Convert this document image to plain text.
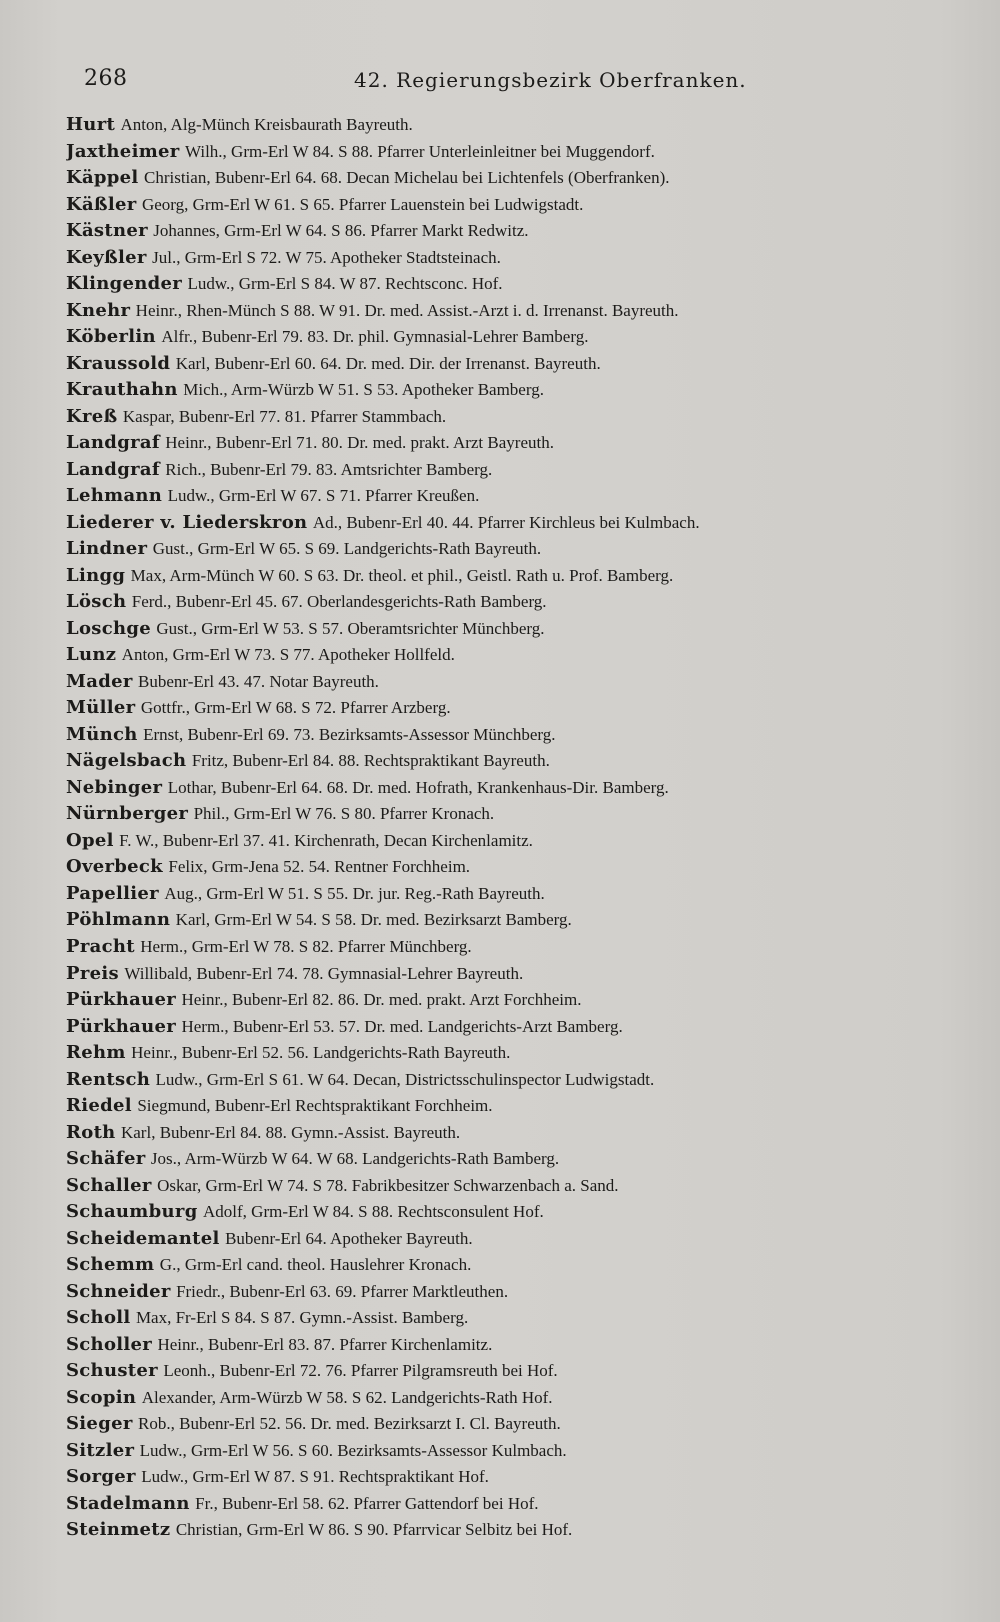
268	42. Regierungsbezirk Oberfranken.
Hurt Anton, Alg-Münch Kreisbaurath Bayreuth.
Jaxtheimer Wilh., Grm-Erl W 84. S 88. Pfarrer Unterleinleitner bei Muggendorf.
Käppel Christian, Bubenr-Erl 64. 68. Decan Michelau bei Lichtenfels (Oberfranken).
Käßler Georg, Grm-Erl W 61. S 65. Pfarrer Lauenstein bei Ludwigstadt.
Kästner Johannes, Grm-Erl W 64. S 86. Pfarrer Markt Redwitz.
Keyßler Jul., Grm-Erl S 72. W 75. Apotheker Stadtsteinach.
Klingender Ludw., Grm-Erl S 84. W 87. Rechtsconc. Hof.
Knehr Heinr., Rhen-Münch S 88. W 91. Dr. med. Assist.-Arzt i. d. Irrenanst. Bayreuth.
Köberlin Alfr., Bubenr-Erl 79. 83. Dr. phil. Gymnasial-Lehrer Bamberg.
Kraussold Karl, Bubenr-Erl 60. 64. Dr. med. Dir. der Irrenanst. Bayreuth.
Krauthahn Mich., Arm-Würzb W 51. S 53. Apotheker Bamberg.
Kreß Kaspar, Bubenr-Erl 77. 81. Pfarrer Stammbach.
Landgraf Heinr., Bubenr-Erl 71. 80. Dr. med. prakt. Arzt Bayreuth.
Landgraf Rich., Bubenr-Erl 79. 83. Amtsrichter Bamberg.
Lehmann Ludw., Grm-Erl W 67. S 71. Pfarrer Kreußen.
Liederer v. Liederskron Ad., Bubenr-Erl 40. 44. Pfarrer Kirchleus bei Kulmbach.
Lindner Gust., Grm-Erl W 65. S 69. Landgerichts-Rath Bayreuth.
Lingg Max, Arm-Münch W 60. S 63. Dr. theol. et phil., Geistl. Rath u. Prof. Bamberg.
Lösch Ferd., Bubenr-Erl 45. 67. Oberlandesgerichts-Rath Bamberg.
Loschge Gust., Grm-Erl W 53. S 57. Oberamtsrichter Münchberg.
Lunz Anton, Grm-Erl W 73. S 77. Apotheker Hollfeld.
Mader Bubenr-Erl 43. 47. Notar Bayreuth.
Müller Gottfr., Grm-Erl W 68. S 72. Pfarrer Arzberg.
Münch Ernst, Bubenr-Erl 69. 73. Bezirksamts-Assessor Münchberg.
Nägelsbach Fritz, Bubenr-Erl 84. 88. Rechtspraktikant Bayreuth.
Nebinger Lothar, Bubenr-Erl 64. 68. Dr. med. Hofrath, Krankenhaus-Dir. Bamberg.
Nürnberger Phil., Grm-Erl W 76. S 80. Pfarrer Kronach.
Opel F. W., Bubenr-Erl 37. 41. Kirchenrath, Decan Kirchenlamitz.
Overbeck Felix, Grm-Jena 52. 54. Rentner Forchheim.
Papellier Aug., Grm-Erl W 51. S 55. Dr. jur. Reg.-Rath Bayreuth.
Pöhlmann Karl, Grm-Erl W 54. S 58. Dr. med. Bezirksarzt Bamberg.
Pracht Herm., Grm-Erl W 78. S 82. Pfarrer Münchberg.
Preis Willibald, Bubenr-Erl 74. 78. Gymnasial-Lehrer Bayreuth.
Pürkhauer Heinr., Bubenr-Erl 82. 86. Dr. med. prakt. Arzt Forchheim.
Pürkhauer Herm., Bubenr-Erl 53. 57. Dr. med. Landgerichts-Arzt Bamberg.
Rehm Heinr., Bubenr-Erl 52. 56. Landgerichts-Rath Bayreuth.
Rentsch Ludw., Grm-Erl S 61. W 64. Decan, Districtsschulinspector Ludwigstadt.
Riedel Siegmund, Bubenr-Erl Rechtspraktikant Forchheim.
Roth Karl, Bubenr-Erl 84. 88. Gymn.-Assist. Bayreuth.
Schäfer Jos., Arm-Würzb W 64. W 68. Landgerichts-Rath Bamberg.
Schaller Oskar, Grm-Erl W 74. S 78. Fabrikbesitzer Schwarzenbach a. Sand.
Schaumburg Adolf, Grm-Erl W 84. S 88. Rechtsconsulent Hof.
Scheidemantel Bubenr-Erl 64. Apotheker Bayreuth.
Schemm G., Grm-Erl cand. theol. Hauslehrer Kronach.
Schneider Friedr., Bubenr-Erl 63. 69. Pfarrer Marktleuthen.
Scholl Max, Fr-Erl S 84. S 87. Gymn.-Assist. Bamberg.
Scholler Heinr., Bubenr-Erl 83. 87. Pfarrer Kirchenlamitz.
Schuster Leonh., Bubenr-Erl 72. 76. Pfarrer Pilgramsreuth bei Hof.
Scopin Alexander, Arm-Würzb W 58. S 62. Landgerichts-Rath Hof.
Sieger Rob., Bubenr-Erl 52. 56. Dr. med. Bezirksarzt I. Cl. Bayreuth.
Sitzler Ludw., Grm-Erl W 56. S 60. Bezirksamts-Assessor Kulmbach.
Sorger Ludw., Grm-Erl W 87. S 91. Rechtspraktikant Hof.
Stadelmann Fr., Bubenr-Erl 58. 62. Pfarrer Gattendorf bei Hof.
Steinmetz Christian, Grm-Erl W 86. S 90. Pfarrvicar Selbitz bei Hof.
